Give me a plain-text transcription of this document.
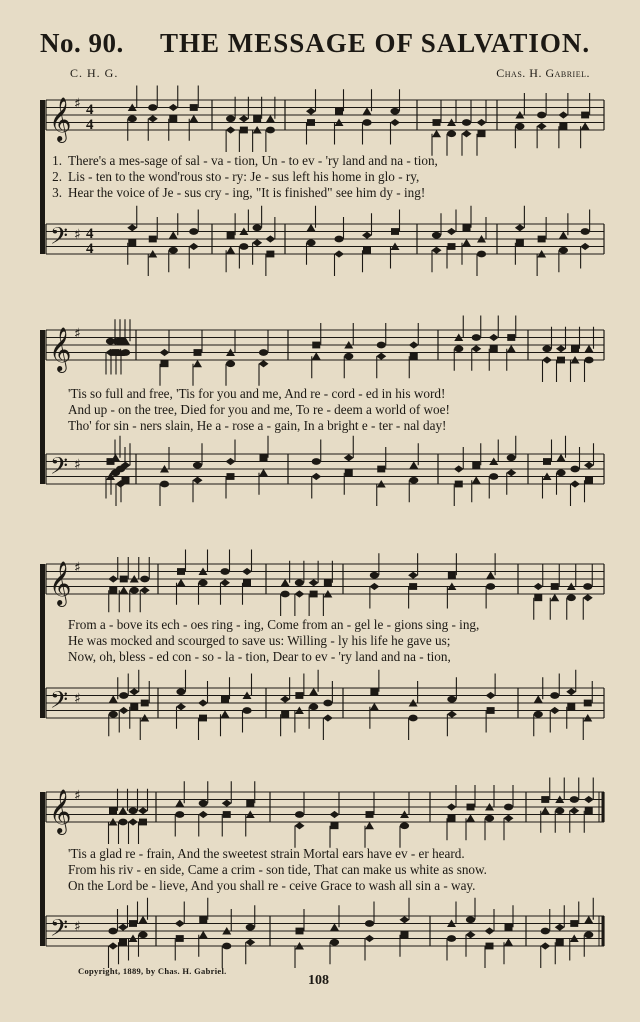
No. 90. THE MESSAGE OF SALVATION.
C. H. G.	Chas. H. Gabriel.
𝄞
𝄢
♯
♯
4
4
4
4
1. There's a mes-sage of sal - va - tion, Un - to ev - 'ry land and na - tion,
2. Lis - ten to the wond'rous sto - ry: Je - sus left his home in glo - ry,
3. Hear the voice of Je - sus cry - ing, "It is finished" see him dy - ing!
𝄞
𝄢
♯
♯
'Tis so full and free, 'Tis for you and me, And re - cord - ed in his word!
And up - on the tree, Died for you and me, To re - deem a world of woe!
Tho' for sin - ners slain, He a - rose a - gain, In a bright e - ter - nal day!
𝄞
𝄢
♯
♯
From a - bove its ech - oes ring - ing, Come from an - gel le - gions sing - ing,
He was mocked and scourged to save us: Willing - ly his life he gave us;
Now, oh, bless - ed con - so - la - tion, Dear to ev - 'ry land and na - tion,
𝄞
𝄢
♯
♯
'Tis a glad re - frain, And the sweetest strain Mortal ears have ev - er heard.
From his riv - en side, Came a crim - son tide, That can make us white as snow.
On the Lord be - lieve, And you shall re - ceive Grace to wash all sin a - way.
Copyright, 1889, by Chas. H. Gabriel.
108
